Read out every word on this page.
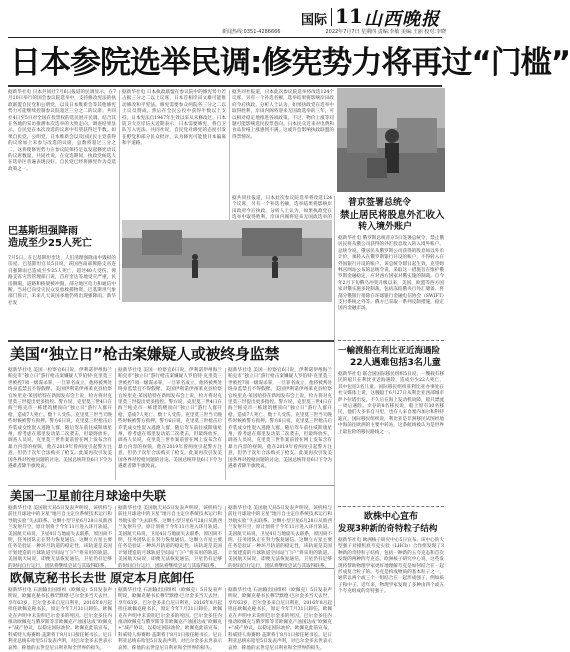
国际 11 山西晚报
新闻热线:0351-4286666	2022年7月7日 星期四 责编:李敏 美编:王丽 校对:李晓
日本参院选举民调:修宪势力将再过“门槛”
据新华社电 日本共同社7月6日报道的民调显示，在7月10日举行的国会参议院选举中，支持修改宪法的执政联盟自民党和公明党，以及日本维新会等其他修宪势力可能继续控制参议院超过三分之二的议席。共同社4日至5日对全国有投票权的选民展开民调，结合其在各地的采访推测本次选举的大致走向。调查结果显示，自民党在本次改选的议席中有望获得过半数。如果自民党、公明党、日本维新会以及国民民主党获得的议席加上未参与改选的议席，总数将超过三分之二。这将使修宪势力在参议院保持足以发起修宪动议的议席数量。共同社说，在竞选期间，执政党候选人在选举区普遍表现良好。自民党已经将修宪作为竞选政策之一。
据新华社电 日本执政联盟在参议院中的修宪势力若占据三分之二以上议席，日本首相岸田文雄可能推动修改和平宪法。修宪需要参众两院各三分之二以上议员赞成，然后在全民公投中获得半数以上支持。日本宪法自1947年生效以来从未修改过。日本防卫大臣岸信夫近期表示，日本需要修宪，将自卫队写入宪法。共同社说，自民党对修宪的态度引发在野党和部分民众批评，认为修宪可能使日本偏离和平道路。
据共同社报道，日本此次参议院选举将改选124个议席，另有一个补选名额，选举结果将影响岸田政府今后执政。分析人士认为，如果执政党在选举中取得胜利，岸田内阁将迎来无国政选举的三年，可以相对稳定地推进各项政策。不过，物价上涨等问题可能影响选民投票意向。日本民众近来对电费和食品价格上涨感到不满，这或许会影响执政联盟的得票情况。
据共同社报道，日本此次参议院选举将改选124个议席，另有一个补选名额，选举结果将影响岸田政府今后执政。分析人士认为，如果执政党在选举中取得胜利，岸田内阁将迎来无国政选举的
普京签署总统令
禁止居民将股息外汇收入
转入境外账户
据新华社电 俄罗斯总统普京5日签署总统令，禁止俄居民将从俄公司获得的外汇股息收入转入境外账户。总统令说，俄居民从俄罗斯公司获得的股息如以外币计价，须转入在俄罗斯银行开设的账户，不得转入在外国银行开设的账户。该总统令即日起生效。克里姆林宫网站公布的总统令说，采取这一措施旨在维护俄罗斯金融稳定，应对西方国家对俄实施的制裁。自今年2月下旬俄乌冲突升级以来，美国、欧盟等西方国家对俄实施多轮制裁，包括冻结俄央行外汇储备、将部分俄银行排除在环球银行金融电信协会（SWIFT）支付系统之外等。俄方已采取一系列反制措施，稳定国内金融市场。
巴基斯坦强降雨
造成至少25人死亡
7月5日，在巴基斯坦奎达，人们清理强降雨中毁损的房屋。巴基斯坦官员5日说，该国西南部俾路支省连日强降雨已造成至少25人死亡，超过40人受伤。俾路支省灾害管理部门说，首府奎达等地受灾严重，民房倒塌，道路和桥梁被冲毁，部分地区电力和通信中断。当局已向受灾民众发放救援物资。巴基斯坦气象部门预计，未来几天该国多地仍将出现强降雨。新华社发
美国“独立日”枪击案嫌疑人或被终身监禁
据新华社电 美国一检察官6日说，伊利诺伊州海兰帕克市“独立日”游行枪击案嫌疑人罗伯特·克里莫三世被控7项一级谋杀罪，一旦罪名成立，他将被判处终身监禁且不得假释。美国伊利诺伊州莱克县检察官埃里克·莱因哈特在新闻发布会上说，检方将对克里莫三世提出更多指控。警方说，克里莫三世4日在海兰帕克市一栋建筑楼顶向“独立日”游行人群开枪，造成7人死亡、数十人受伤。克里莫三世当天晚些时候被警方拘押。警方6日说，克里莫三世枪击后乔装成女性混入逃跑人群，随后驾车前往威斯康星州，曾考虑在那里发动第二次袭击，但最终放弃。调查人员说，克里莫三世作案前曾在网上发布含有暴力内容的视频，他在2019年曾两度引起警方注意，但仍于次年合法购买了枪支。此案再次引发美国各界对控枪问题的讨论。美国总统拜登6日下令为遇难者降半旗致哀。
据新华社电 美国一检察官6日说，伊利诺伊州海兰帕克市“独立日”游行枪击案嫌疑人罗伯特·克里莫三世被控7项一级谋杀罪，一旦罪名成立，他将被判处终身监禁且不得假释。美国伊利诺伊州莱克县检察官埃里克·莱因哈特在新闻发布会上说，检方将对克里莫三世提出更多指控。警方说，克里莫三世4日在海兰帕克市一栋建筑楼顶向“独立日”游行人群开枪，造成7人死亡、数十人受伤。克里莫三世当天晚些时候被警方拘押。警方6日说，克里莫三世枪击后乔装成女性混入逃跑人群，随后驾车前往威斯康星州，曾考虑在那里发动第二次袭击，但最终放弃。调查人员说，克里莫三世作案前曾在网上发布含有暴力内容的视频，他在2019年曾两度引起警方注意，但仍于次年合法购买了枪支。此案再次引发美国各界对控枪问题的讨论。美国总统拜登6日下令为遇难者降半旗致哀。
据新华社电 美国一检察官6日说，伊利诺伊州海兰帕克市“独立日”游行枪击案嫌疑人罗伯特·克里莫三世被控7项一级谋杀罪，一旦罪名成立，他将被判处终身监禁且不得假释。美国伊利诺伊州莱克县检察官埃里克·莱因哈特在新闻发布会上说，检方将对克里莫三世提出更多指控。警方说，克里莫三世4日在海兰帕克市一栋建筑楼顶向“独立日”游行人群开枪，造成7人死亡、数十人受伤。克里莫三世当天晚些时候被警方拘押。警方6日说，克里莫三世枪击后乔装成女性混入逃跑人群，随后驾车前往威斯康星州，曾考虑在那里发动第二次袭击，但最终放弃。调查人员说，克里莫三世作案前曾在网上发布含有暴力内容的视频，他在2019年曾两度引起警方注意，但仍于次年合法购买了枪支。此案再次引发美国各界对控枪问题的讨论。美国总统拜登6日下令为遇难者降半旗致哀。
美国一卫星前往月球途中失联
据新华社电 美国航天局5日发表声明说，该机构与前往月球途中的卫星“地月自主定位系统技术运行和导航实验”失去联系。这颗小型卫星6月28日从新西兰发射升空，原计划将于今年11月进入环月轨道。美国航天局说，卫星4日与地面失去联系，原因尚不明，任务团队正在努力恢复通信。这颗立方星主要任务是验证一种环月轨道的稳定性，该轨道是美国计划建造的月球轨道空间站“门户”将采用的轨道。美国航天局说，即便无法恢复通信，卫星仍有足够的时间自行运行，团队将继续尝试与其取得联系。
据新华社电 美国航天局5日发表声明说，该机构与前往月球途中的卫星“地月自主定位系统技术运行和导航实验”失去联系。这颗小型卫星6月28日从新西兰发射升空，原计划将于今年11月进入环月轨道。美国航天局说，卫星4日与地面失去联系，原因尚不明，任务团队正在努力恢复通信。这颗立方星主要任务是验证一种环月轨道的稳定性，该轨道是美国计划建造的月球轨道空间站“门户”将采用的轨道。美国航天局说，即便无法恢复通信，卫星仍有足够的时间自行运行，团队将继续尝试与其取得联系。
据新华社电 美国航天局5日发表声明说，该机构与前往月球途中的卫星“地月自主定位系统技术运行和导航实验”失去联系。这颗小型卫星6月28日从新西兰发射升空，原计划将于今年11月进入环月轨道。美国航天局说，卫星4日与地面失去联系，原因尚不明，任务团队正在努力恢复通信。这颗立方星主要任务是验证一种环月轨道的稳定性，该轨道是美国计划建造的月球轨道空间站“门户”将采用的轨道。美国航天局说，即便无法恢复通信，卫星仍有足够的时间自行运行，团队将继续尝试与其取得联系。
欧佩克秘书长去世 原定本月底卸任
据新华社电 石油输出国组织（欧佩克）5日发表声明说，欧佩克秘书长穆罕默德·巴尔金多当天去世，享年63岁。巴尔金多来自尼日利亚，2016年8月起担任欧佩克秘书长，原定今年7月31日卸任。欧佩克在声明中未说明巴尔金多的死因。巴尔金多任内推动欧佩克与俄罗斯等非欧佩克产油国达成“欧佩克+”减产协议，以稳定国际油价。欧佩克此前宣布，科威特人海赛姆·盖斯将于8月1日接任秘书长。尼日利亚总统布哈里5日发表声明，对巴尔金多去世表示哀悼，称他的去世是尼日利亚和全世界的损失。
据新华社电 石油输出国组织（欧佩克）5日发表声明说，欧佩克秘书长穆罕默德·巴尔金多当天去世，享年63岁。巴尔金多来自尼日利亚，2016年8月起担任欧佩克秘书长，原定今年7月31日卸任。欧佩克在声明中未说明巴尔金多的死因。巴尔金多任内推动欧佩克与俄罗斯等非欧佩克产油国达成“欧佩克+”减产协议，以稳定国际油价。欧佩克此前宣布，科威特人海赛姆·盖斯将于8月1日接任秘书长。尼日利亚总统布哈里5日发表声明，对巴尔金多去世表示哀悼，称他的去世是尼日利亚和全世界的损失。
据新华社电 石油输出国组织（欧佩克）5日发表声明说，欧佩克秘书长穆罕默德·巴尔金多当天去世，享年63岁。巴尔金多来自尼日利亚，2016年8月起担任欧佩克秘书长，原定今年7月31日卸任。欧佩克在声明中未说明巴尔金多的死因。巴尔金多任内推动欧佩克与俄罗斯等非欧佩克产油国达成“欧佩克+”减产协议，以稳定国际油价。欧佩克此前宣布，科威特人海赛姆·盖斯将于8月1日接任秘书长。尼日利亚总统布哈里5日发表声明，对巴尔金多去世表示哀悼，称他的去世是尼日利亚和全世界的损失。
一輸渡船在利比亚近海遇险
22人遇难包括3名儿童
据新华社电 联合国国际移民组织5日说，一艘载有移民的船只在利比亚近海遇险，造成至少22人死亡，其中包括3名儿童。国际移民组织驻利比亚办事处在社交媒体上说，这艘船于6月27日从利比亚西部城市萨卜拉塔出发，不久后在海上发动机故障，船只漂流一周后遇险。幸存的8名移民说，船上原有30名移民，他们大多来自马里，也有人来自塞内加尔和科特迪瓦。国际移民组织说，利比亚是非洲移民试图经地中海前往欧洲的主要中转站，这条航线被认为是世界上最危险的移民路线之一。
欧株中心宣布
发现3种新的奇特粒子结构
据新华社电 欧洲核子研究中心5日宣布，该中心的大型强子对撞机底夸克实验（LHCb）合作组发现了3种新的奇特粒子结构，包括一种新的五夸克态和首次发现的两种四夸克态。欧洲核子研究中心说，这些发现将帮助物理学家更好地理解夸克是如何结合在一起形成复合粒子的。夸克是构成物质的基本粒子之一，通常以两个或三个一组结合在一起形成强子，例如质子和中子。近年来，物理学家发现了多种由四个或五个夸克组成的奇特强子。
